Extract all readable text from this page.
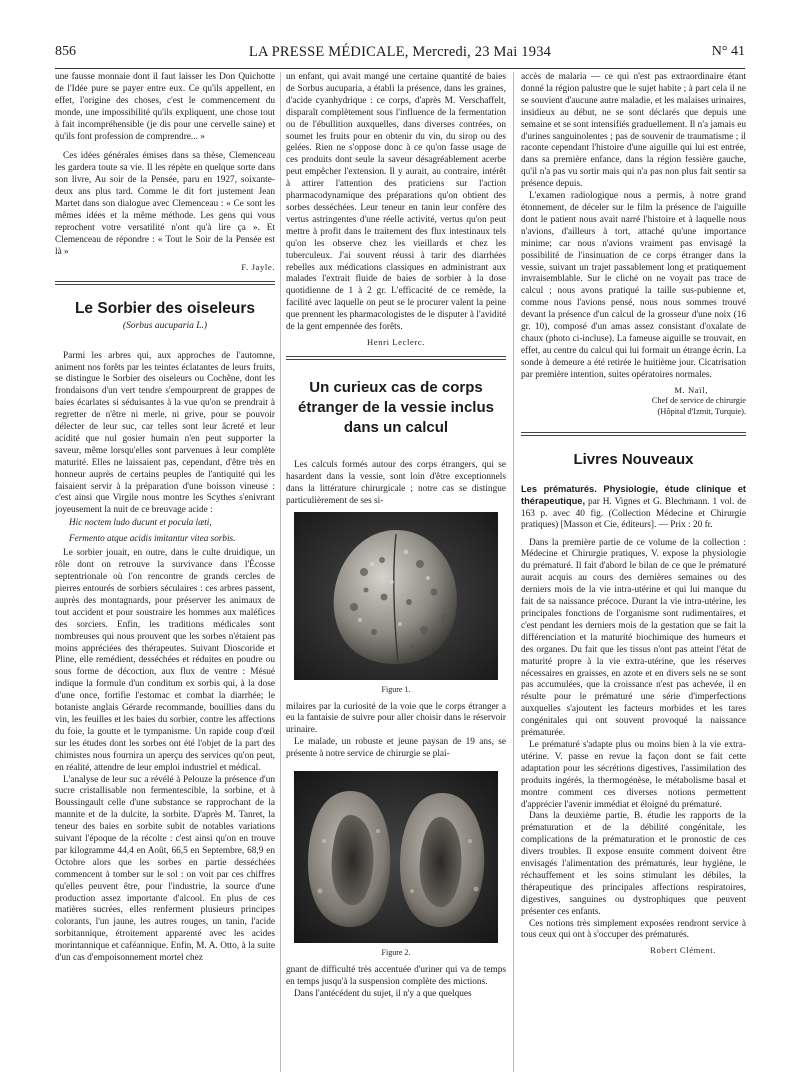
856	LA PRESSE MÉDICALE, Mercredi, 23 Mai 1934	N° 41

une fausse monnaie dont il faut laisser les Don Quichotte de l'Idée pure se payer entre eux. Ce qu'ils appellent, en effet, l'origine des choses, c'est le commencement du monde, une impossibilité qu'ils expliquent, une chose tout à fait incompréhensible (je dis pour une cervelle saine) et qu'ils font profession de comprendre... »

Ces idées générales émises dans sa thèse, Clemenceau les gardera toute sa vie. Il les répète en quelque sorte dans son livre, Au soir de la Pensée, paru en 1927, soixante-deux ans plus tard. Comme le dit fort justement Jean Martet dans son dialogue avec Clemenceau : « Ce sont les mêmes idées et la même méthode. Les gens qui vous reprochent votre versatilité n'ont qu'à lire ça ». Et Clemenceau de répondre : « Tout le Soir de la Pensée est là »

F. Jayle.

Le Sorbier des oiseleurs
(Sorbus aucuparia L.)

Parmi les arbres qui, aux approches de l'automne, animent nos forêts par les teintes éclatantes de leurs fruits, se distingue le Sorbier des oiseleurs ou Cochêne, dont les frondaisons d'un vert tendre s'empourprent de grappes de baies écarlates si séduisantes à la vue qu'on se prendrait à regretter de n'être ni merle, ni grive, pour se pouvoir délecter de leur suc, car telles sont leur âcreté et leur acidité que nul gosier humain n'en peut supporter la saveur, même lorsqu'elles sont parvenues à leur complète maturité. Elles ne laissaient pas, cependant, d'être très en honneur auprès de certains peuples de l'antiquité qui les faisaient servir à la préparation d'une boisson vineuse : c'est ainsi que Virgile nous montre les Scythes s'enivrant joyeusement la nuit de ce breuvage acide :

Hic noctem ludo ducunt et pocula læti,
Fermento atque acidis imitantur vitea sorbis.

Le sorbier jouait, en outre, dans le culte druidique, un rôle dont on retrouve la survivance dans l'Écosse septentrionale où l'on rencontre de grands cercles de pierres entourés de sorbiers séculaires : ces arbres passent, auprès des montagnards, pour préserver les animaux de tout accident et pour soustraire les hommes aux maléfices des sorciers. Enfin, les traditions médicales sont nombreuses qui nous prouvent que les sorbes n'étaient pas moins appréciées des thérapeutes. Suivant Dioscoride et Pline, elle remédient, desséchées et réduites en poudre ou sous forme de décoction, aux flux de ventre : Mésué indique la formule d'un conditum ex sorbis qui, à la dose d'une once, fortifie l'estomac et combat la diarrhée; le botaniste anglais Gérarde recommande, bouillies dans du vin, les feuilles et les baies du sorbier, contre les affections du foie, la goutte et le tympanisme. Un rapide coup d'œil sur les études dont les sorbes ont été l'objet de la part des chimistes nous fournira un aperçu des services qu'on peut, en réalité, attendre de leur emploi industriel et médical.

L'analyse de leur suc a révélé à Pelouze la présence d'un sucre cristallisable non fermentescible, la sorbine, et à Boussingault celle d'une substance se rapprochant de la mannite et de la dulcite, la sorbite. D'après M. Tanret, la teneur des baies en sorbite subit de notables variations suivant l'époque de la récolte : c'est ainsi qu'on en trouve par kilogramme 44,4 en Août, 66,5 en Septembre, 68,9 en Octobre alors que les sorbes en partie desséchées commencent à tomber sur le sol : on voit par ces chiffres qu'elles peuvent être, pour l'industrie, la source d'une production assez importante d'alcool. En plus de ces matières sucrées, elles renferment plusieurs principes colorants, l'un jaune, les autres rouges, un tanin, l'acide sorbitannique, étroitement apparenté avec les acides morintannique et caféannique. Enfin, M. A. Otto, à la suite d'un cas d'empoisonnement mortel chez

un enfant, qui avait mangé une certaine quantité de baies de Sorbus aucuparia, a établi la présence, dans les graines, d'acide cyanhydrique : ce corps, d'après M. Verschaffelt, disparaît complètement sous l'influence de la fermentation ou de l'ébullition auxquelles, dans diverses contrées, on soumet les fruits pour en obtenir du vin, du sirop ou des gelées. Rien ne s'oppose donc à ce qu'on fasse usage de ces produits dont seule la saveur désagréablement acerbe peut empêcher l'extension. Il y aurait, au contraire, intérêt à attirer l'attention des praticiens sur l'action pharmacodynamique des préparations qu'on obtient des sorbes desséchées. Leur teneur en tanin leur confère des vertus astringentes d'une réelle activité, vertus qu'on peut mettre à profit dans le traitement des flux intestinaux tels qu'on les observe chez les vieillards et chez les tuberculeux. J'ai souvent réussi à tarir des diarrhées rebelles aux médications classiques en administrant aux malades l'extrait fluide de baies de sorbier à la dose quotidienne de 1 à 2 gr. L'efficacité de ce remède, la facilité avec laquelle on peut se le procurer valent la peine que prennent les pharmacologistes de le disputer à l'avidité de la gent empennée des forêts.

Henri Leclerc.

Un curieux cas de corps étranger de la vessie inclus dans un calcul

Les calculs formés autour des corps étrangers, qui se hasardent dans la vessie, sont loin d'être exceptionnels dans la littérature chirurgicale ; notre cas se distingue particulièrement de ses si-

Figure 1.

milaires par la curiosité de la voie que le corps étranger a eu la fantaisie de suivre pour aller choisir dans le réservoir urinaire.

Le malade, un robuste et jeune paysan de 19 ans, se présente à notre service de chirurgie se plai-

Figure 2.

gnant de difficulté très accentuée d'uriner qui va de temps en temps jusqu'à la suspension complète des mictions.

Dans l'antécédent du sujet, il n'y a que quelques

accès de malaria — ce qui n'est pas extraordinaire étant donné la région palustre que le sujet habite ; à part cela il ne se souvient d'aucune autre maladie, et les malaises urinaires, insidieux au début, ne se sont déclarés que depuis une semaine et se sont intensifiés graduellement. Il n'a jamais eu d'urines sanguinolentes ; pas de souvenir de traumatisme ; il raconte cependant l'histoire d'une aiguille qui lui est entrée, dans sa première enfance, dans la région fessière gauche, qu'il n'a pas vu sortir mais qui n'a pas non plus fait sentir sa présence depuis.

L'examen radiologique nous a permis, à notre grand étonnement, de déceler sur le film la présence de l'aiguille dont le patient nous avait narré l'histoire et à laquelle nous n'avions, d'ailleurs à tort, attaché qu'une importance minime; car nous n'avions vraiment pas envisagé la possibilité de l'insinuation de ce corps étranger dans la vessie, suivant un trajet passablement long et pratiquement invraisemblable. Sur le cliché on ne voyait pas trace de calcul ; nous avons pratiqué la taille sus-pubienne et, comme nous l'avions pensé, nous nous sommes trouvé devant la présence d'un calcul de la grosseur d'une noix (16 gr. 10), composé d'un amas assez consistant d'oxalate de chaux (photo ci-incluse). La fameuse aiguille se trouvait, en effet, au centre du calcul qui lui formait un étrange écrin. La sonde à demeure a été retirée le huitième jour. Cicatrisation par première intention, suites opératoires normales.

M. Naïl,

Chef de service de chirurgie

(Hôpital d'Izmit, Turquie).

Livres Nouveaux

Les prématurés. Physiologie, étude clinique et thérapeutique, par H. Vignes et G. Blechmann. 1 vol. de 163 p. avec 40 fig. (Collection Médecine et Chirurgie pratiques) [Masson et Cie, éditeurs]. — Prix : 20 fr.

Dans la première partie de ce volume de la collection : Médecine et Chirurgie pratiques, V. expose la physiologie du prématuré. Il fait d'abord le bilan de ce que le prématuré aurait acquis au cours des dernières semaines ou des derniers mois de la vie intra-utérine et qui lui manque du fait de sa naissance précoce. Durant la vie intra-utérine, les principales fonctions de l'organisme sont rudimentaires, et c'est pendant les derniers mois de la gestation que se fait la différenciation et la maturité biochimique des humeurs et des organes. Du fait que les tissus n'ont pas atteint l'état de maturité propre à la vie extra-utérine, que les réserves nécessaires en graisses, en azote et en divers sels ne se sont pas accumulées, que la croissance n'est pas achevée, il en résulte pour le prématuré une série d'imperfections auxquelles s'ajoutent les facteurs morbides et les tares congénitales qui ont souvent provoqué la naissance prématurée.

Le prématuré s'adapte plus ou moins bien à la vie extra-utérine. V. passe en revue la façon dont se fait cette adaptation pour les sécrétions digestives, l'assimilation des produits ingérés, la thermogénèse, le métabolisme basal et montre comment ces diverses notions permettent d'apprécier l'avenir immédiat et éloigné du prématuré.

Dans la deuxième partie, B. étudie les rapports de la prématuration et de la débilité congénitale, les complications de la prématuration et le pronostic de ces divers troubles. Il expose ensuite comment doivent être envisagés l'alimentation des prématurés, leur hygiène, le réchauffement et les soins stimulant les débiles, la thérapeutique des principales affections respiratoires, digestives, sanguines ou dystrophiques que peuvent présenter ces enfants.

Ces notions très simplement exposées rendront service à tous ceux qui ont à s'occuper des prématurés.

Robert Clément.
